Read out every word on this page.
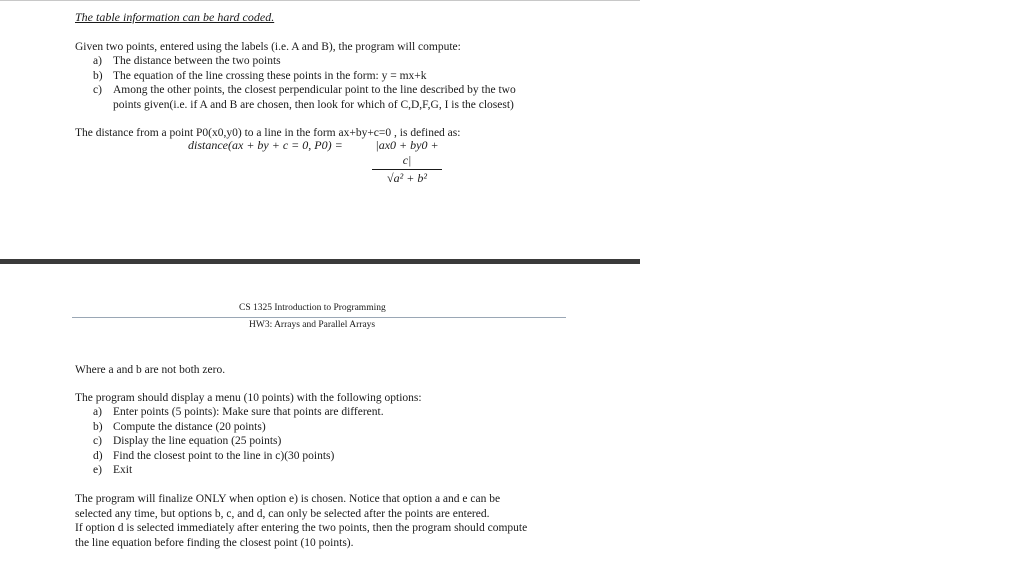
The table information can be hard coded.
Given two points, entered using the labels (i.e. A and B), the program will compute:
a) The distance between the two points
b) The equation of the line crossing these points in the form: y = mx+k
c) Among the other points, the closest perpendicular point to the line described by the two
points given(i.e. if A and B are chosen, then look for which of C,D,F,G, I is the closest)
The distance from a point P0(x0,y0) to a line in the form ax+by+c=0 , is defined as:
distance(ax + by + c = 0, $P0) = \frac{|ax0 + by0 + c|}{\text{√a² + b²}}$
CS 1325 Introduction to Programming
HW3: Arrays and Parallel Arrays
Where a and b are not both zero.
The program should display a menu (10 points) with the following options:
a) Enter points (5 points): Make sure that points are different.
b) Compute the distance (20 points)
c) Display the line equation (25 points)
d) Find the closest point to the line in c)(30 points)
e) Exit
The program will finalize ONLY when option e) is chosen. Notice that option a and e can be
selected any time, but options b, c, and d, can only be selected after the points are entered.
If option d is selected immediately after entering the two points, then the program should compute
the line equation before finding the closest point (10 points).
